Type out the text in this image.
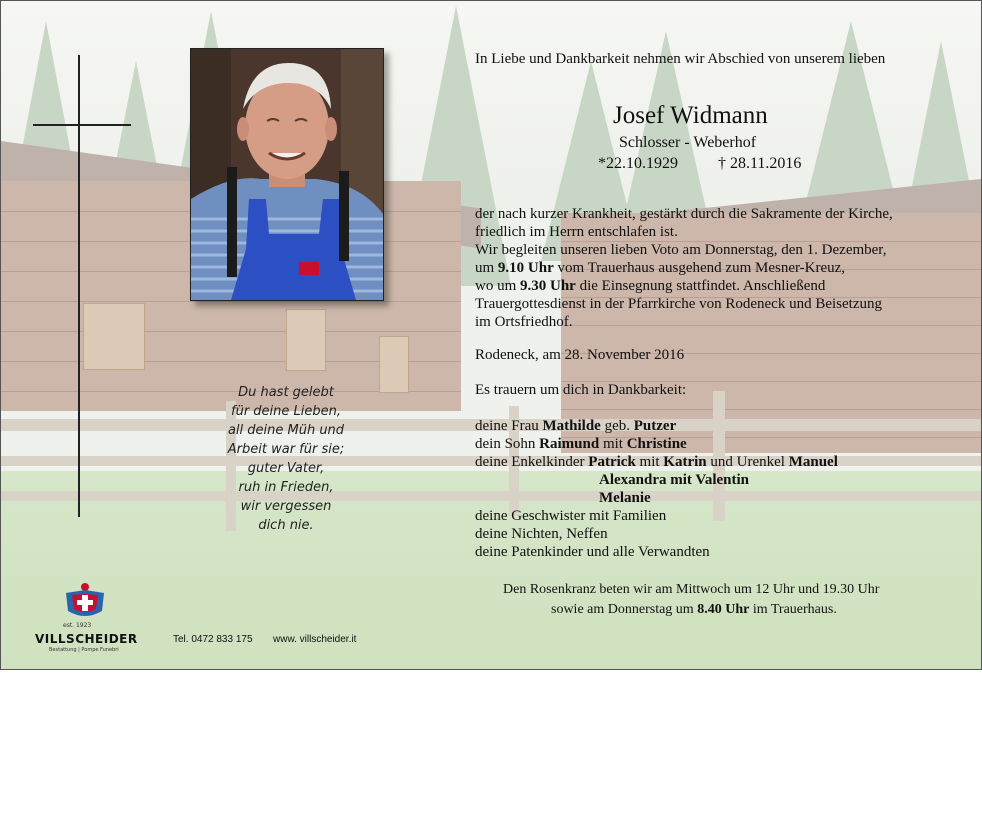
In Liebe und Dankbarkeit nehmen wir Abschied von unserem lieben
Josef Widmann
Schlosser - Weberhof
*22.10.1929	† 28.11.2016
der nach kurzer Krankheit, gestärkt durch die Sakramente der Kirche,
friedlich im Herrn entschlafen ist.
Wir begleiten unseren lieben Voto am Donnerstag, den 1. Dezember,
um 9.10 Uhr vom Trauerhaus ausgehend zum Mesner-Kreuz,
wo um 9.30 Uhr die Einsegnung stattfindet. Anschließend
Trauergottesdienst in der Pfarrkirche von Rodeneck und Beisetzung
im Ortsfriedhof.
Rodeneck, am 28. November 2016
Es trauern um dich in Dankbarkeit:
deine Frau Mathilde geb. Putzer
dein Sohn Raimund mit Christine
deine Enkelkinder Patrick mit Katrin und Urenkel Manuel
Alexandra mit Valentin
Melanie
deine Geschwister mit Familien
deine Nichten, Neffen
deine Patenkinder und alle Verwandten
Den Rosenkranz beten wir am Mittwoch um 12 Uhr und 19.30 Uhr
sowie am Donnerstag um 8.40 Uhr im Trauerhaus.
Du hast gelebt
für deine Lieben,
all deine Müh und
Arbeit war für sie;
guter Vater,
ruh in Frieden,
wir vergessen
dich nie.
est. 1923
VILLSCHEIDER
Bestattung | Pompe Funebri
Tel. 0472 833 175 www. villscheider.it
